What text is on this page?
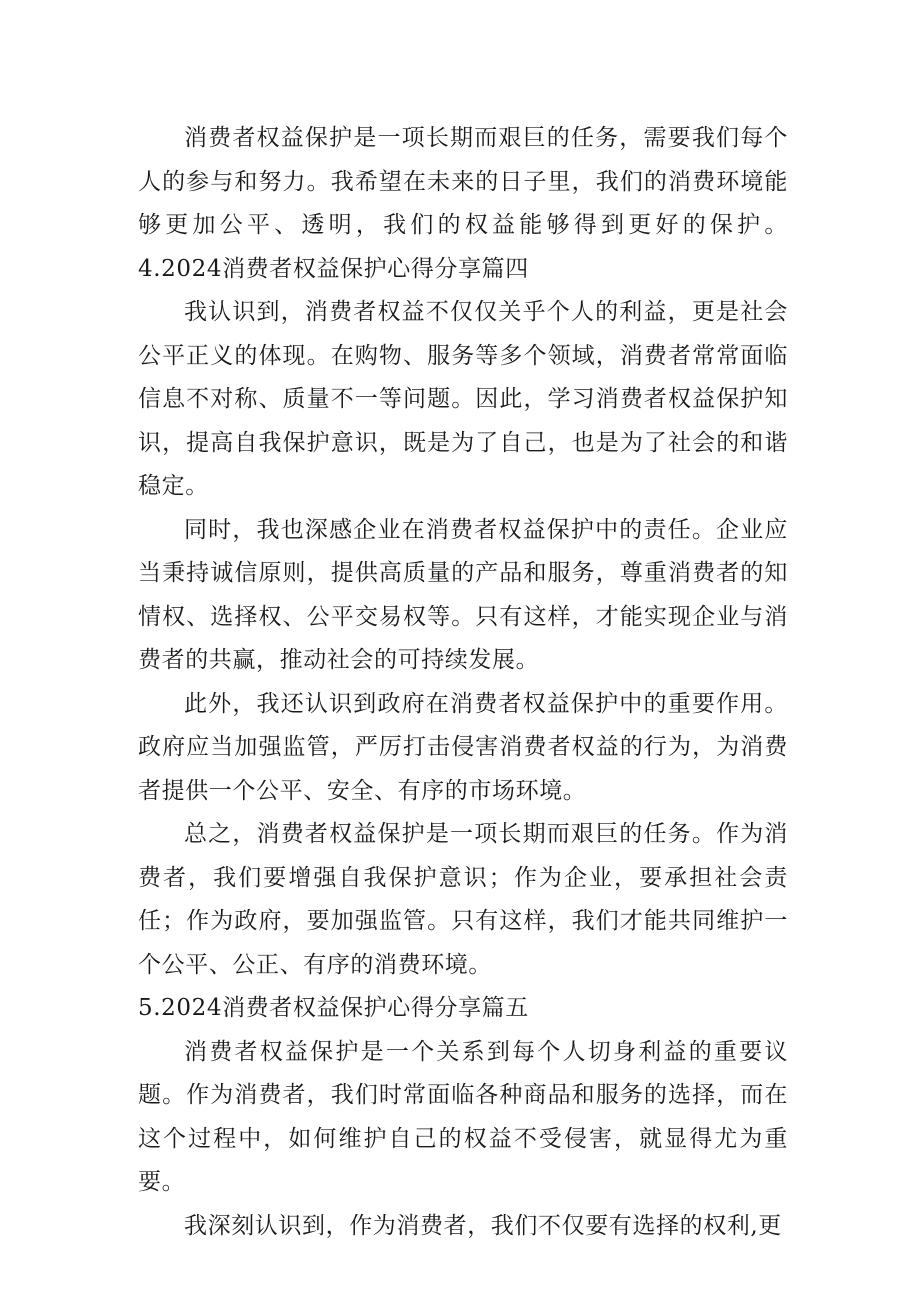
消费者权益保护是一项长期而艰巨的任务，需要我们每个人的参与和努力。我希望在未来的日子里，我们的消费环境能够更加公平、透明，我们的权益能够得到更好的保护。4.2024消费者权益保护心得分享篇四

我认识到，消费者权益不仅仅关乎个人的利益，更是社会公平正义的体现。在购物、服务等多个领域，消费者常常面临信息不对称、质量不一等问题。因此，学习消费者权益保护知识，提高自我保护意识，既是为了自己，也是为了社会的和谐稳定。

同时，我也深感企业在消费者权益保护中的责任。企业应当秉持诚信原则，提供高质量的产品和服务，尊重消费者的知情权、选择权、公平交易权等。只有这样，才能实现企业与消费者的共赢，推动社会的可持续发展。

此外，我还认识到政府在消费者权益保护中的重要作用。政府应当加强监管，严厉打击侵害消费者权益的行为，为消费者提供一个公平、安全、有序的市场环境。

总之，消费者权益保护是一项长期而艰巨的任务。作为消费者，我们要增强自我保护意识；作为企业，要承担社会责任；作为政府，要加强监管。只有这样，我们才能共同维护一个公平、公正、有序的消费环境。

5.2024消费者权益保护心得分享篇五

消费者权益保护是一个关系到每个人切身利益的重要议题。作为消费者，我们时常面临各种商品和服务的选择，而在这个过程中，如何维护自己的权益不受侵害，就显得尤为重要。

我深刻认识到，作为消费者，我们不仅要有选择的权利,更
